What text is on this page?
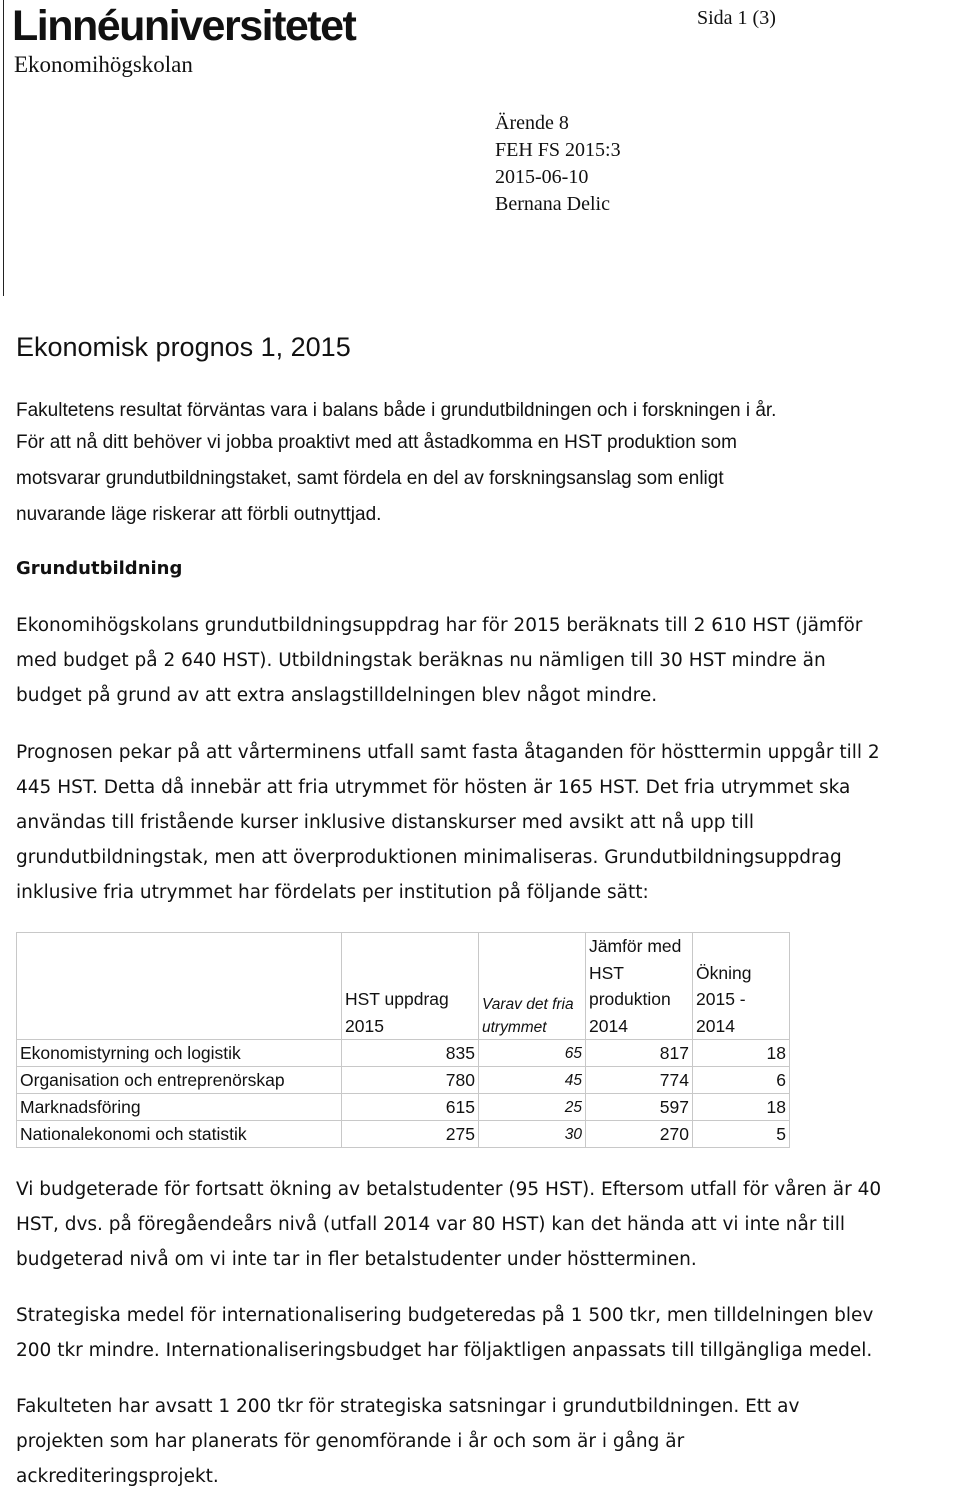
Linnéuniversitetet
Ekonomihögskolan
Sida 1 (3)
Ärende 8
FEH FS 2015:3
2015-06-10
Bernana Delic
Ekonomisk prognos 1, 2015
Fakultetens resultat förväntas vara i balans både i grundutbildningen och i forskningen i år.
För att nå ditt behöver vi jobba proaktivt med att åstadkomma en HST produktion som
motsvarar grundutbildningstaket, samt fördela en del av forskningsanslag som enligt
nuvarande läge riskerar att förbli outnyttjad.
Grundutbildning
Ekonomihögskolans grundutbildningsuppdrag har för 2015 beräknats till 2 610 HST (jämför
med budget på 2 640 HST). Utbildningstak beräknas nu nämligen till 30 HST mindre än
budget på grund av att extra anslagstilldelningen blev något mindre.
Prognosen pekar på att vårterminens utfall samt fasta åtaganden för hösttermin uppgår till 2
445 HST. Detta då innebär att fria utrymmet för hösten är 165 HST. Det fria utrymmet ska
användas till fristående kurser inklusive distanskurser med avsikt att nå upp till
grundutbildningstak, men att överproduktionen minimaliseras. Grundutbildningsuppdrag
inklusive fria utrymmet har fördelats per institution på följande sätt:
	HST uppdrag 2015	Varav det fria utrymmet	Jämför med HST produktion 2014	Ökning 2015 - 2014
Ekonomistyrning och logistik	835	65	817	18
Organisation och entreprenörskap	780	45	774	6
Marknadsföring	615	25	597	18
Nationalekonomi och statistik	275	30	270	5
Vi budgeterade för fortsatt ökning av betalstudenter (95 HST). Eftersom utfall för våren är 40
HST, dvs. på föregåendeårs nivå (utfall 2014 var 80 HST) kan det hända att vi inte når till
budgeterad nivå om vi inte tar in fler betalstudenter under höstterminen.
Strategiska medel för internationalisering budgeteredas på 1 500 tkr, men tilldelningen blev
200 tkr mindre. Internationaliseringsbudget har följaktligen anpassats till tillgängliga medel.
Fakulteten har avsatt 1 200 tkr för strategiska satsningar i grundutbildningen. Ett av
projekten som har planerats för genomförande i år och som är i gång är
ackrediteringsprojekt.
